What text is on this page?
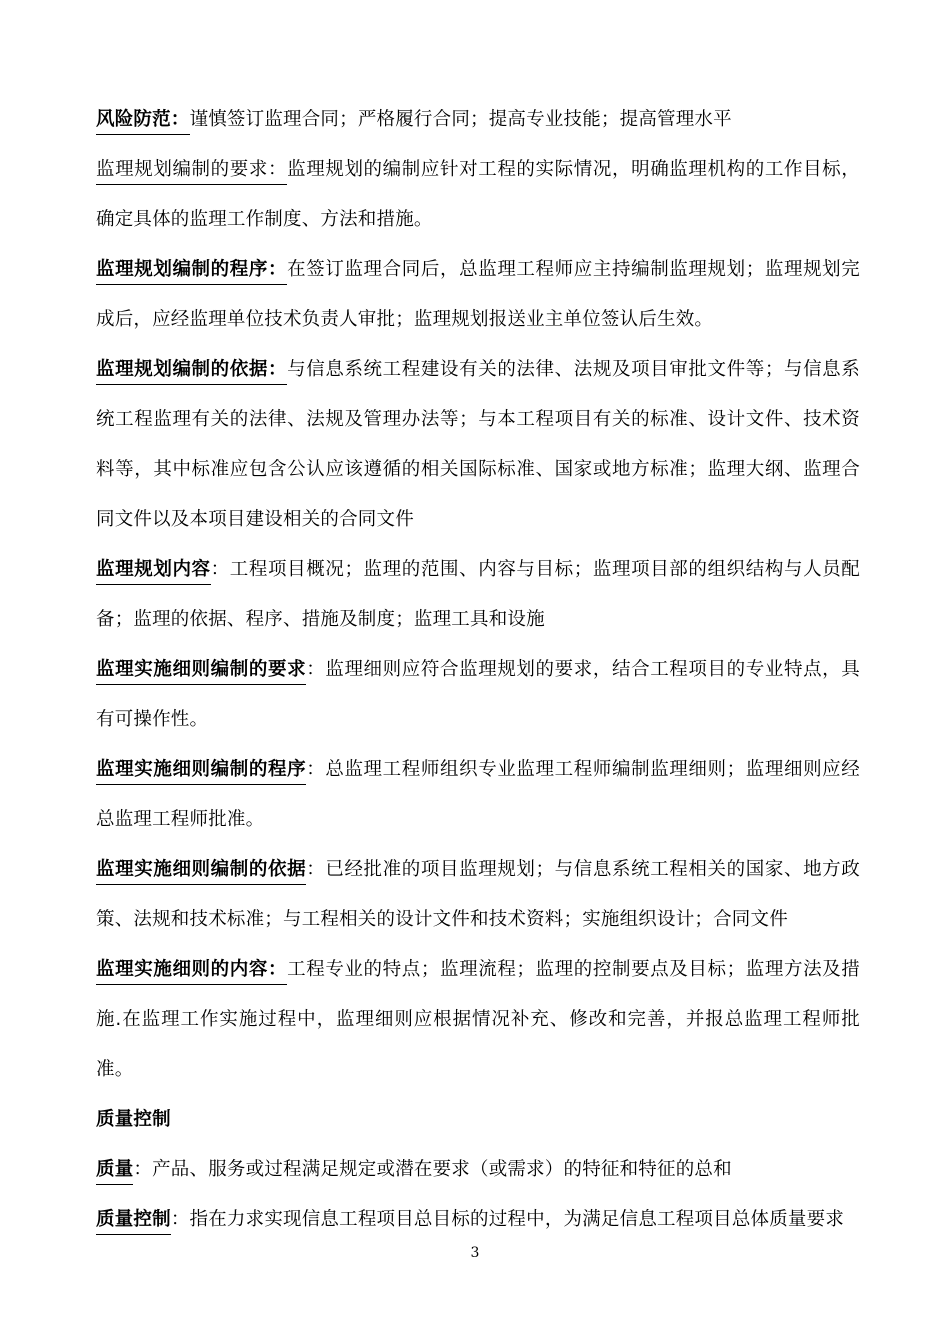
风险防范：谨慎签订监理合同；严格履行合同；提高专业技能；提高管理水平

监理规划编制的要求：监理规划的编制应针对工程的实际情况，明确监理机构的工作目标，确定具体的监理工作制度、方法和措施。

监理规划编制的程序：在签订监理合同后，总监理工程师应主持编制监理规划；监理规划完成后，应经监理单位技术负责人审批；监理规划报送业主单位签认后生效。

监理规划编制的依据：与信息系统工程建设有关的法律、法规及项目审批文件等；与信息系统工程监理有关的法律、法规及管理办法等；与本工程项目有关的标准、设计文件、技术资料等，其中标准应包含公认应该遵循的相关国际标准、国家或地方标准；监理大纲、监理合同文件以及本项目建设相关的合同文件

监理规划内容：工程项目概况；监理的范围、内容与目标；监理项目部的组织结构与人员配备；监理的依据、程序、措施及制度；监理工具和设施

监理实施细则编制的要求：监理细则应符合监理规划的要求，结合工程项目的专业特点，具有可操作性。

监理实施细则编制的程序：总监理工程师组织专业监理工程师编制监理细则；监理细则应经总监理工程师批准。

监理实施细则编制的依据：已经批准的项目监理规划；与信息系统工程相关的国家、地方政策、法规和技术标准；与工程相关的设计文件和技术资料；实施组织设计；合同文件

监理实施细则的内容：工程专业的特点；监理流程；监理的控制要点及目标；监理方法及措施.在监理工作实施过程中，监理细则应根据情况补充、修改和完善，并报总监理工程师批准。

质量控制

质量：产品、服务或过程满足规定或潜在要求（或需求）的特征和特征的总和

质量控制：指在力求实现信息工程项目总目标的过程中，为满足信息工程项目总体质量要求

3
